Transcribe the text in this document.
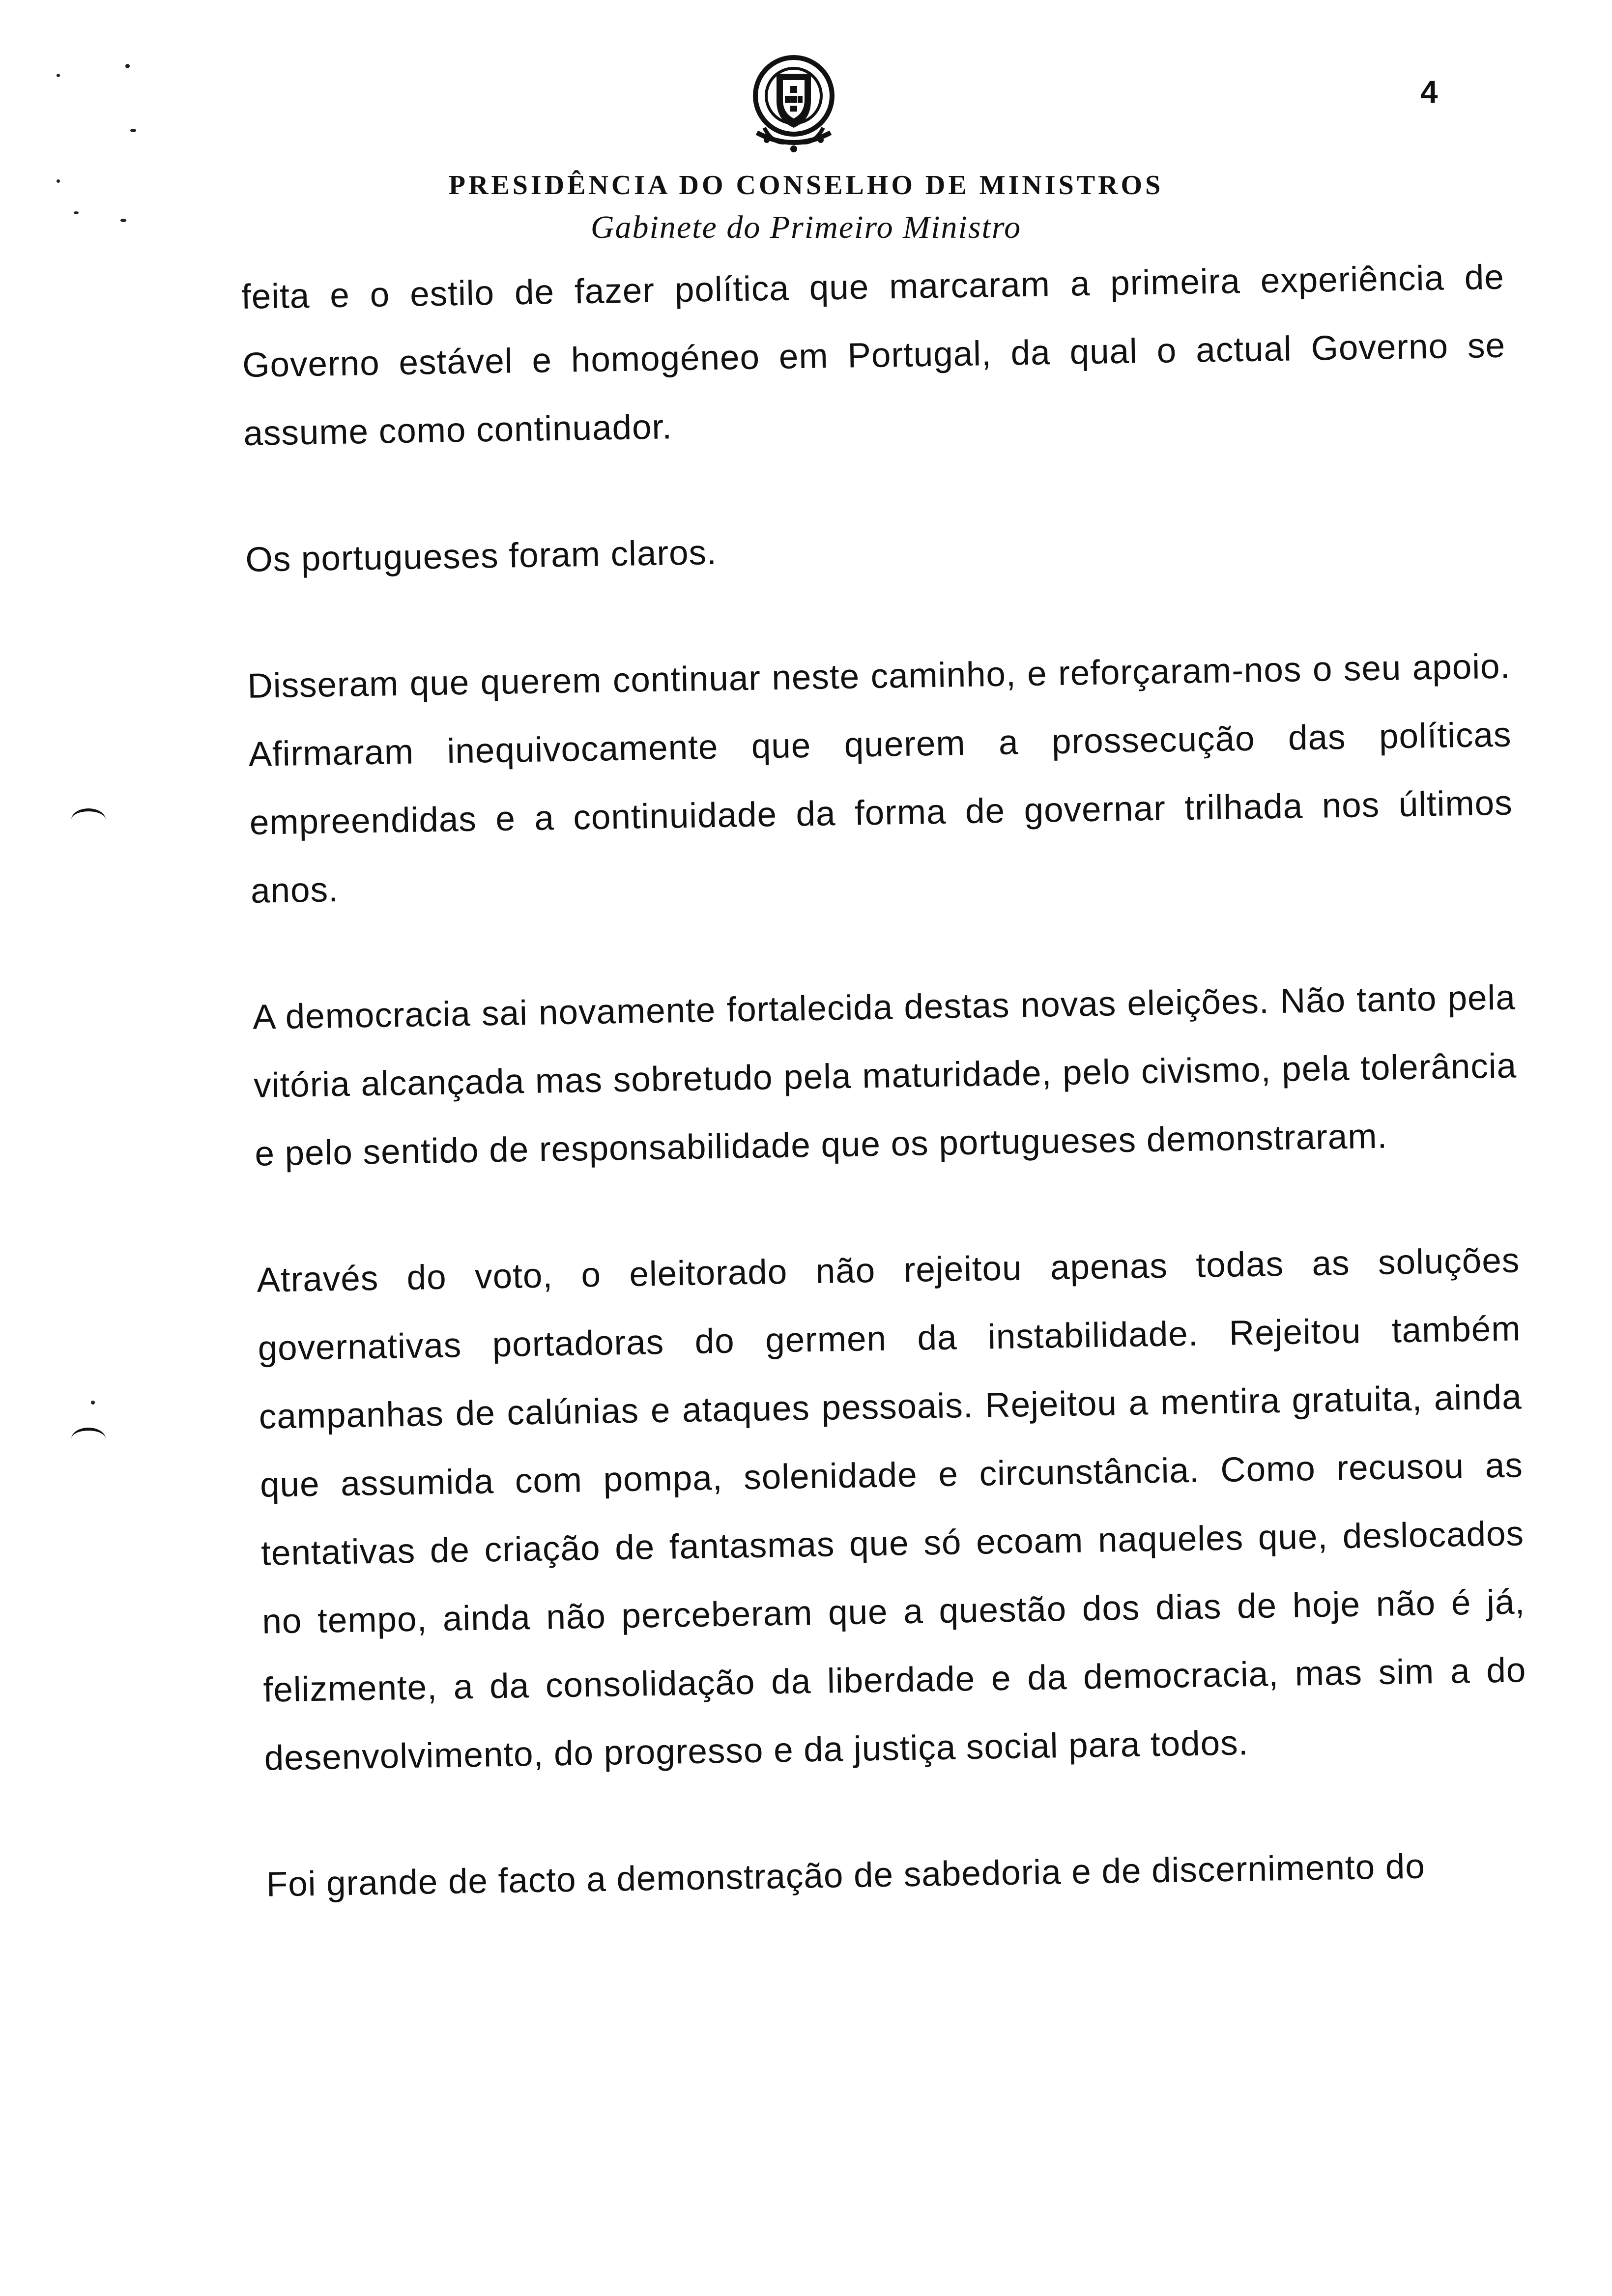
4
PRESIDÊNCIA DO CONSELHO DE MINISTROS
Gabinete do Primeiro Ministro

feita e o estilo de fazer política que marcaram a primeira experiência de Governo estável e homogéneo em Portugal, da qual o actual Governo se assume como continuador.

Os portugueses foram claros.

Disseram que querem continuar neste caminho, e reforçaram-nos o seu apoio. Afirmaram inequivocamente que querem a prossecução das políticas empreendidas e a continuidade da forma de governar trilhada nos últimos anos.

A democracia sai novamente fortalecida destas novas eleições. Não tanto pela vitória alcançada mas sobretudo pela maturidade, pelo civismo, pela tolerância e pelo sentido de responsabilidade que os portugueses demonstraram.

Através do voto, o eleitorado não rejeitou apenas todas as soluções governativas portadoras do germen da instabilidade. Rejeitou também campanhas de calúnias e ataques pessoais. Rejeitou a mentira gratuita, ainda que assumida com pompa, solenidade e circunstância. Como recusou as tentativas de criação de fantasmas que só ecoam naqueles que, deslocados no tempo, ainda não perceberam que a questão dos dias de hoje não é já, felizmente, a da consolidação da liberdade e da democracia, mas sim a do desenvolvimento, do progresso e da justiça social para todos.

Foi grande de facto a demonstração de sabedoria e de discernimento do
